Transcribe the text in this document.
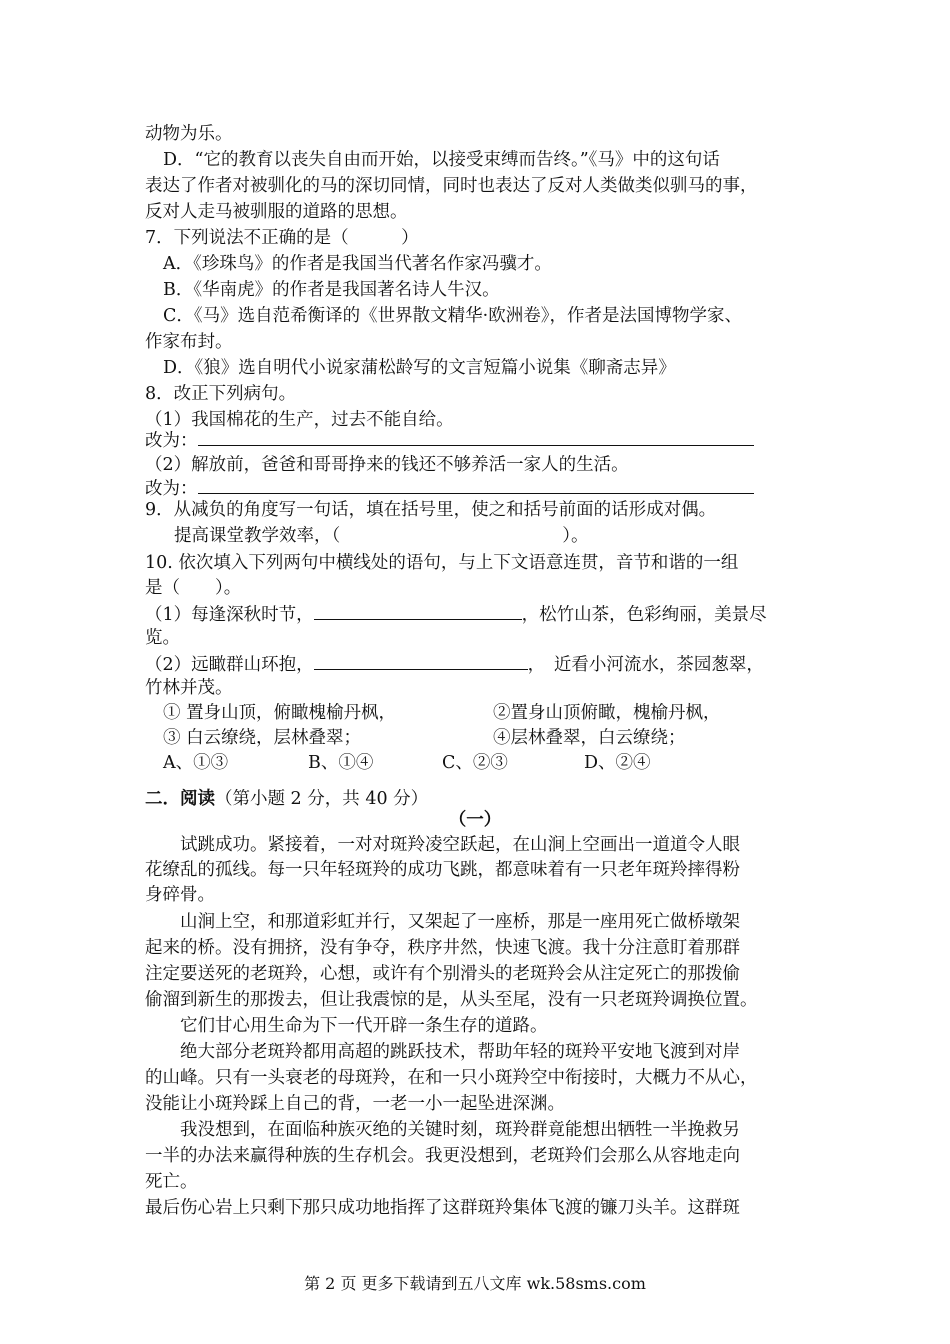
动物为乐。
D．“它的教育以丧失自由而开始，以接受束缚而告终。”《马》中的这句话
表达了作者对被驯化的马的深切同情，同时也表达了反对人类做类似驯马的事，
反对人走马被驯服的道路的思想。
7．下列说法不正确的是（　　　）
A．《珍珠鸟》的作者是我国当代著名作家冯骥才。
B．《华南虎》的作者是我国著名诗人牛汉。
C．《马》选自范希衡译的《世界散文精华·欧洲卷》，作者是法国博物学家、
作家布封。
D．《狼》选自明代小说家蒲松龄写的文言短篇小说集《聊斋志异》
8．改正下列病句。
（1）我国棉花的生产，过去不能自给。
改为：
（2）解放前，爸爸和哥哥挣来的钱还不够养活一家人的生活。
改为：
9．从减负的角度写一句话，填在括号里，使之和括号前面的话形成对偶。
提高课堂教学效率，（	）。
10. 依次填入下列两句中横线处的语句，与上下文语意连贯，音节和谐的一组
是（　　）。
（1）每逢深秋时节，	，松竹山茶，色彩绚丽，美景尽
览。
（2）远瞰群山环抱，	，　近看小河流水，茶园葱翠，
竹林并茂。
① 置身山顶，俯瞰槐榆丹枫，	②置身山顶俯瞰，槐榆丹枫，
③ 白云缭绕，层林叠翠；	④层林叠翠，白云缭绕；
A、①③	B、①④	C、②③	D、②④
二．阅读（第小题 2 分，共 40 分）
（一）
试跳成功。紧接着，一对对斑羚凌空跃起，在山涧上空画出一道道令人眼
花缭乱的孤线。每一只年轻斑羚的成功飞跳，都意味着有一只老年斑羚摔得粉
身碎骨。
山涧上空，和那道彩虹并行，又架起了一座桥，那是一座用死亡做桥墩架
起来的桥。没有拥挤，没有争夺，秩序井然，快速飞渡。我十分注意盯着那群
注定要送死的老斑羚，心想，或许有个别滑头的老斑羚会从注定死亡的那拨偷
偷溜到新生的那拨去，但让我震惊的是，从头至尾，没有一只老斑羚调换位置。
它们甘心用生命为下一代开辟一条生存的道路。
绝大部分老斑羚都用高超的跳跃技术，帮助年轻的斑羚平安地飞渡到对岸
的山峰。只有一头衰老的母斑羚，在和一只小斑羚空中衔接时，大概力不从心，
没能让小斑羚踩上自己的背，一老一小一起坠进深渊。
我没想到，在面临种族灭绝的关键时刻，斑羚群竟能想出牺牲一半挽救另
一半的办法来赢得种族的生存机会。我更没想到，老斑羚们会那么从容地走向
死亡。
最后伤心岩上只剩下那只成功地指挥了这群斑羚集体飞渡的镰刀头羊。这群斑
第 2 页 更多下载请到五八文库 wk.58sms.com
